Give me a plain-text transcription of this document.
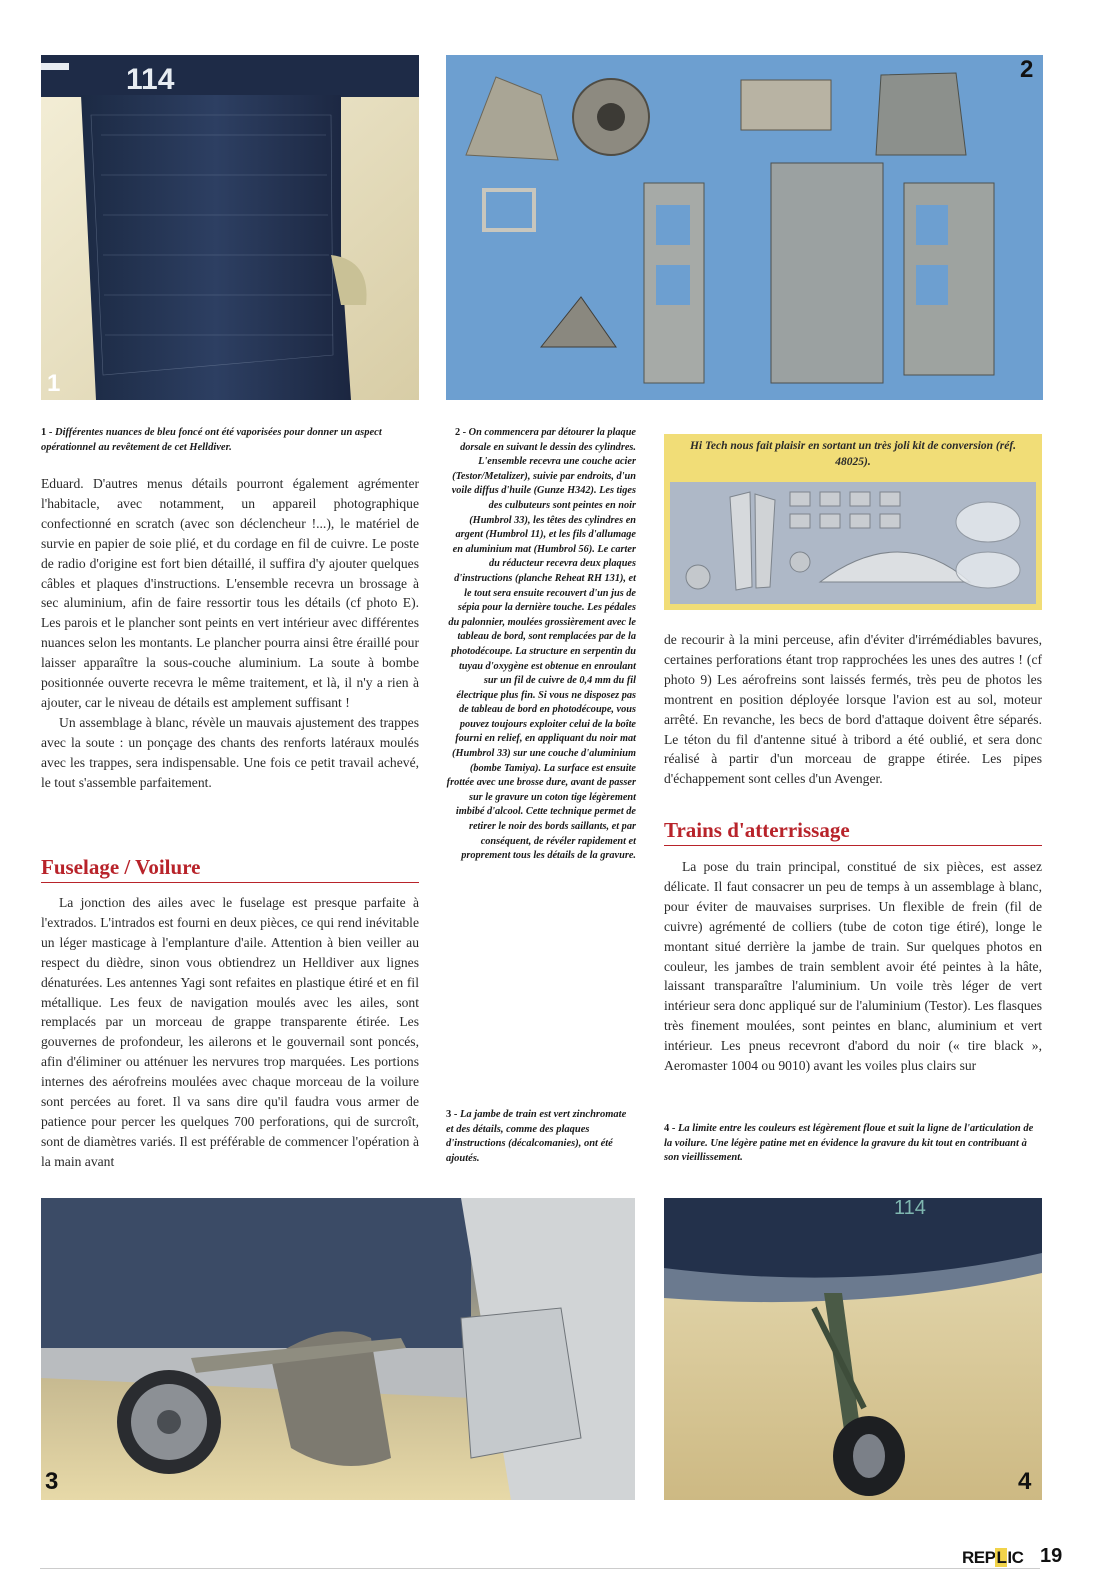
114
1
2
1 - Différentes nuances de bleu foncé ont été vaporisées pour donner un aspect opérationnel au revêtement de cet Helldiver.

Eduard. D'autres menus détails pourront également agrémenter l'habitacle, avec notamment, un appareil photographique confectionné en scratch (avec son déclencheur !...), le matériel de survie en papier de soie plié, et du cordage en fil de cuivre. Le poste de radio d'origine est fort bien détaillé, il suffira d'y ajouter quelques câbles et plaques d'instructions. L'ensemble recevra un brossage à sec aluminium, afin de faire ressortir tous les détails (cf photo E). Les parois et le plancher sont peints en vert intérieur avec différentes nuances selon les montants. Le plancher pourra ainsi être éraillé pour laisser apparaître la sous-couche aluminium. La soute à bombe positionnée ouverte recevra le même traitement, et là, il n'y a rien à ajouter, car le niveau de détails est amplement suffisant !

Un assemblage à blanc, révèle un mauvais ajustement des trappes avec la soute : un ponçage des chants des renforts latéraux moulés avec les trappes, sera indispensable. Une fois ce petit travail achevé, le tout s'assemble parfaitement.

Fuselage / Voilure

La jonction des ailes avec le fuselage est presque parfaite à l'extrados. L'intrados est fourni en deux pièces, ce qui rend inévitable un léger masticage à l'emplanture d'aile. Attention à bien veiller au respect du dièdre, sinon vous obtiendrez un Helldiver aux lignes dénaturées. Les antennes Yagi sont refaites en plastique étiré et en fil métallique. Les feux de navigation moulés avec les ailes, sont remplacés par un morceau de grappe transparente étirée. Les gouvernes de profondeur, les ailerons et le gouvernail sont poncés, afin d'éliminer ou atténuer les nervures trop marquées. Les portions internes des aérofreins moulées avec chaque morceau de la voilure sont percées au foret. Il va sans dire qu'il faudra vous armer de patience pour percer les quelques 700 perforations, qui de surcroît, sont de diamètres variés. Il est préférable de commencer l'opération à la main avant

2 - On commencera par détourer la plaque dorsale en suivant le dessin des cylindres. L'ensemble recevra une couche acier (Testor/Metalizer), suivie par endroits, d'un voile diffus d'huile (Gunze H342). Les tiges des culbuteurs sont peintes en noir (Humbrol 33), les têtes des cylindres en argent (Humbrol 11), et les fils d'allumage en aluminium mat (Humbrol 56). Le carter du réducteur recevra deux plaques d'instructions (planche Reheat RH 131), et le tout sera ensuite recouvert d'un jus de sépia pour la dernière touche. Les pédales du palonnier, moulées grossièrement avec le tableau de bord, sont remplacées par de la photodécoupe. La structure en serpentin du tuyau d'oxygène est obtenue en enroulant sur un fil de cuivre de 0,4 mm du fil électrique plus fin. Si vous ne disposez pas de tableau de bord en photodécoupe, vous pouvez toujours exploiter celui de la boîte fourni en relief, en appliquant du noir mat (Humbrol 33) sur une couche d'aluminium (bombe Tamiya). La surface est ensuite frottée avec une brosse dure, avant de passer sur le gravure un coton tige légèrement imbibé d'alcool. Cette technique permet de retirer le noir des bords saillants, et par conséquent, de révéler rapidement et proprement tous les détails de la gravure.
3 - La jambe de train est vert zinchromate et des détails, comme des plaques d'instructions (décalcomanies), ont été ajoutés.
Hi Tech nous fait plaisir en sortant un très joli kit de conversion (réf. 48025).

de recourir à la mini perceuse, afin d'éviter d'irrémédiables bavures, certaines perforations étant trop rapprochées les unes des autres ! (cf photo 9) Les aérofreins sont laissés fermés, très peu de photos les montrent en position déployée lorsque l'avion est au sol, moteur arrêté. En revanche, les becs de bord d'attaque doivent être séparés. Le téton du fil d'antenne situé à tribord a été oublié, et sera donc réalisé à partir d'un morceau de grappe étirée. Les pipes d'échappement sont celles d'un Avenger.

Trains d'atterrissage

La pose du train principal, constitué de six pièces, est assez délicate. Il faut consacrer un peu de temps à un assemblage à blanc, pour éviter de mauvaises surprises. Un flexible de frein (fil de cuivre) agrémenté de colliers (tube de coton tige étiré), longe le montant situé derrière la jambe de train. Sur quelques photos en couleur, les jambes de train semblent avoir été peintes à la hâte, laissant transparaître l'aluminium. Un voile très léger de vert intérieur sera donc appliqué sur de l'aluminium (Testor). Les flasques très finement moulées, sont peintes en blanc, aluminium et vert intérieur. Les pneus recevront d'abord du noir (« tire black », Aeromaster 1004 ou 9010) avant les voiles plus clairs sur

4 - La limite entre les couleurs est légèrement floue et suit la ligne de l'articulation de la voilure. Une légère patine met en évidence la gravure du kit tout en contribuant à son vieillissement.
3
114
4
REPLIC 19
